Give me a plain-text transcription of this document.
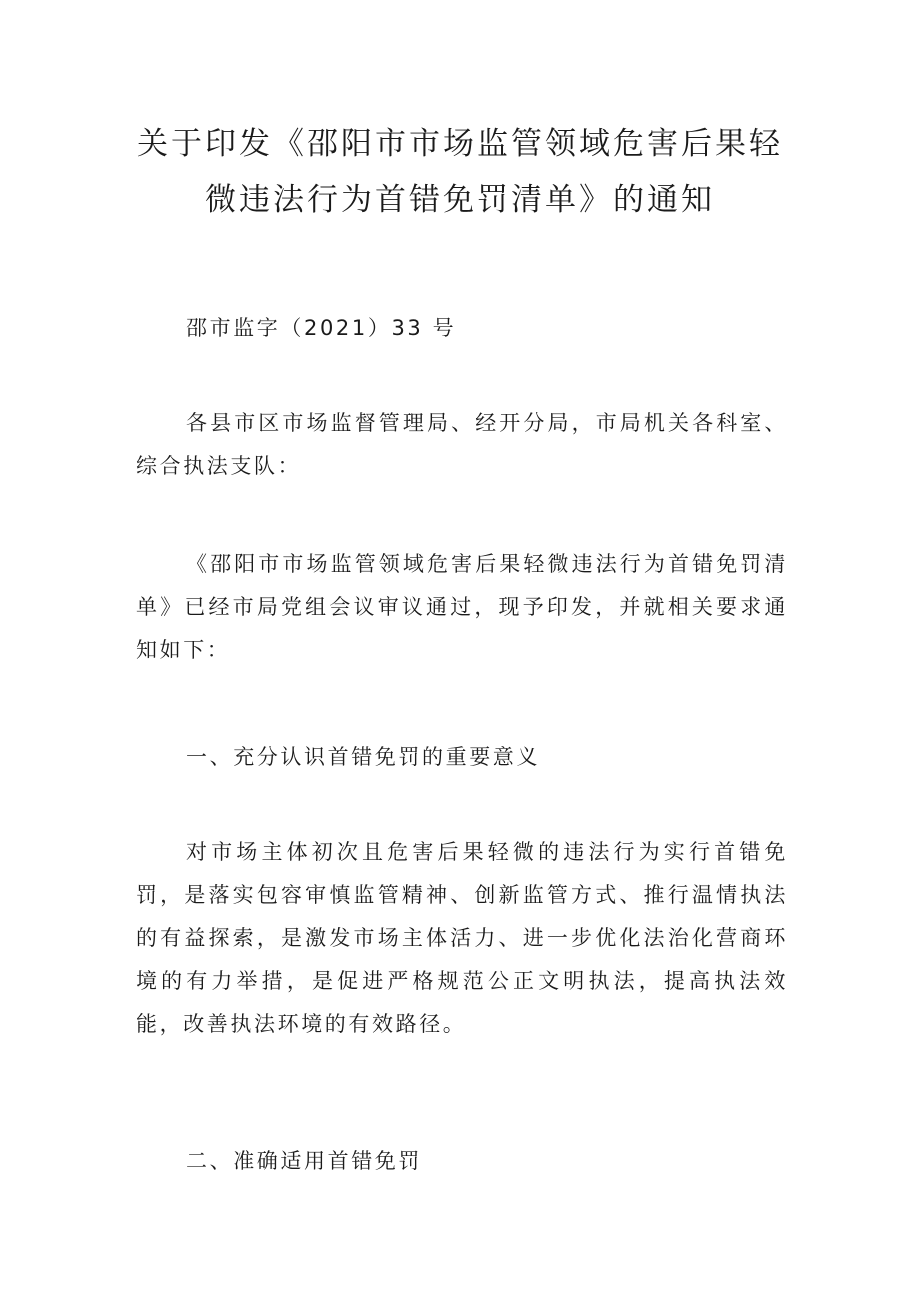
关于印发《邵阳市市场监管领域危害后果轻
微违法行为首错免罚清单》的通知

邵市监字（2021）33 号

各县市区市场监督管理局、经开分局，市局机关各科室、综合执法支队：

《邵阳市市场监管领域危害后果轻微违法行为首错免罚清单》已经市局党组会议审议通过，现予印发，并就相关要求通知如下：

一、充分认识首错免罚的重要意义

对市场主体初次且危害后果轻微的违法行为实行首错免罚，是落实包容审慎监管精神、创新监管方式、推行温情执法的有益探索，是激发市场主体活力、进一步优化法治化营商环境的有力举措，是促进严格规范公正文明执法，提高执法效能，改善执法环境的有效路径。

二、准确适用首错免罚
